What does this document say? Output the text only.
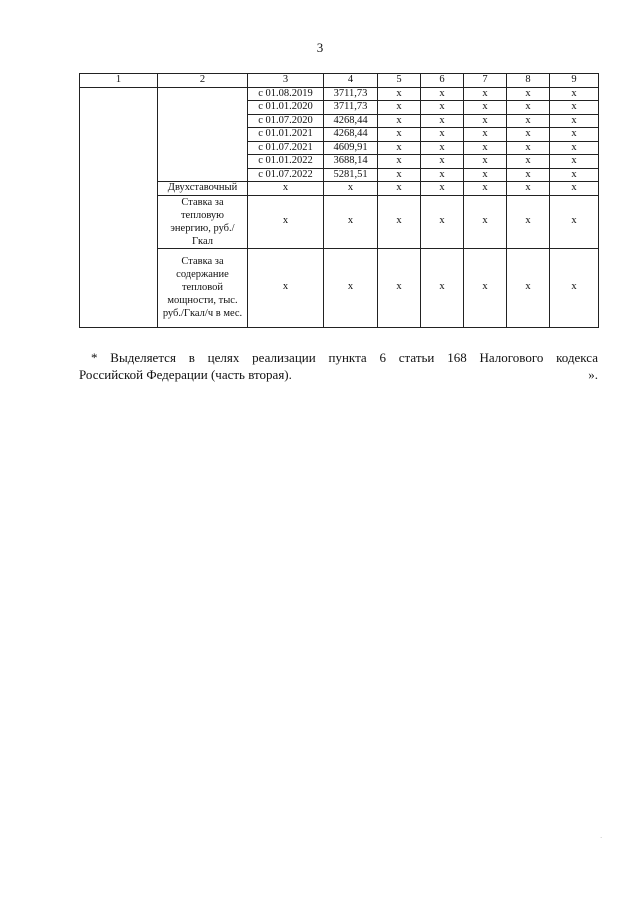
3
1	2	3	4	5	6	7	8	9
		с 01.08.2019	3711,73	х	х	х	х	х
		с 01.01.2020	3711,73	х	х	х	х	х
		с 01.07.2020	4268,44	х	х	х	х	х
		с 01.01.2021	4268,44	х	х	х	х	х
		с 01.07.2021	4609,91	х	х	х	х	х
		с 01.01.2022	3688,14	х	х	х	х	х
		с 01.07.2022	5281,51	х	х	х	х	х
	Двухставочный	х	х	х	х	х	х	х
	Ставка за тепловую энергию, руб./Гкал	х	х	х	х	х	х	х
	Ставка за содержание тепловой мощности, тыс. руб./Гкал/ч в мес.	х	х	х	х	х	х	х
* Выделяется в целях реализации пункта 6 статьи 168 Налогового кодекса
Российской Федерации (часть вторая).	».
.
